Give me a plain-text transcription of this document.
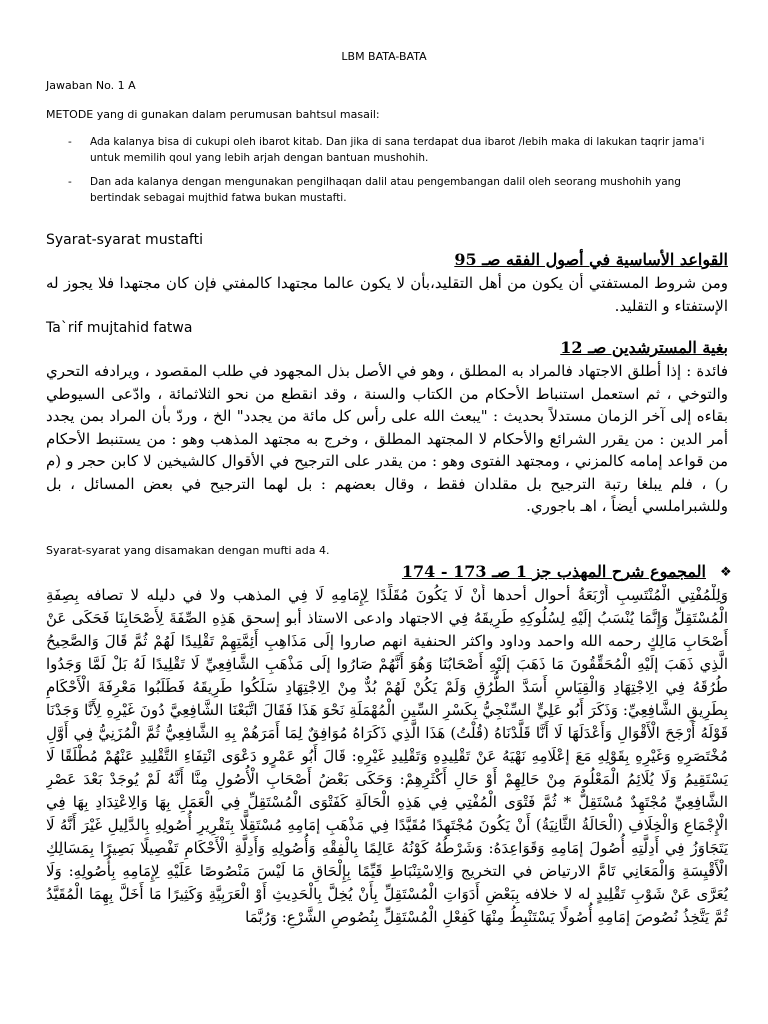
LBM BATA-BATA
Jawaban No. 1 A
METODE yang di gunakan dalam perumusan bahtsul masail:
- Ada kalanya bisa di cukupi oleh ibarot kitab. Dan jika di sana terdapat dua ibarot /lebih maka di lakukan taqrir jama'i untuk memilih qoul yang lebih arjah dengan bantuan mushohih.
- Dan ada kalanya dengan mengunakan pengilhaqan dalil atau pengembangan dalil oleh seorang mushohih yang bertindak sebagai mujthid fatwa bukan mustafti.
Syarat-syarat mustafti
القواعد الأساسية في أصول الفقه صـ 95
ومن شروط المستفتي أن يكون من أهل التقليد،بأن لا يكون عالما مجتهدا كالمفتي فإن كان مجتهدا فلا يجوز له الإستفتاء و التقليد.
Ta`rif mujtahid fatwa
بغية المسترشدين صـ 12
فائدة : إذا أطلق الاجتهاد فالمراد به المطلق ، وهو في الأصل بذل المجهود في طلب المقصود ، ويرادفه التحري والتوخي ، ثم استعمل استنباط الأحكام من الكتاب والسنة ، وقد انقطع من نحو الثلاثمائة ، وادّعى السيوطي بقاءه إلى آخر الزمان مستدلاً بحديث : "يبعث الله على رأس كل مائة من يجدد" الخ ، وردّ بأن المراد بمن يجدد أمر الدين : من يقرر الشرائع والأحكام لا المجتهد المطلق ، وخرج به مجتهد المذهب وهو : من يستنبط الأحكام من قواعد إمامه كالمزني ، ومجتهد الفتوى وهو : من يقدر على الترجيح في الأقوال كالشيخين لا كابن حجر و (م ر) ، فلم يبلغا رتبة الترجيح بل مقلدان فقط ، وقال بعضهم : بل لهما الترجيح في بعض المسائل ، بل وللشبراملسي أيضاً ، اهـ باجوري.
Syarat-syarat yang disamakan dengan mufti ada 4.
❖
المجموع شرح المهذب جز 1 صـ 173 - 174
وَلِلْمُفْتِي الْمُنْتَسِبِ أَرْبَعَةُ أحوال أحدها أَنْ لَا يَكُونَ مُقَلِّدًا لِإِمَامِهِ لَا فِي المذهب ولا في دليله لا تصافه بِصِفَةِ الْمُسْتَقِلِّ وَإِنَّمَا يُنْسَبُ إلَيْهِ لِسُلُوكِهِ طَرِيقَهُ فِي الاجتهاد وادعى الاستاذ أبو إسحق هَذِهِ الصِّفَةَ لِأَصْحَابِنَا فَحَكَى عَنْ أَصْحَابِ مَالِكٍ رحمه الله واحمد وداود واكثر الحنفية انهم صاروا إلَى مَذَاهِبِ أَئِمَّتِهِمْ تَقْلِيدًا لَهُمْ ثُمَّ قَالَ وَالصَّحِيحُ الَّذِي ذَهَبَ إلَيْهِ الْمُحَقِّقُونَ مَا ذَهَبَ إلَيْهِ أَصْحَابُنَا وَهُوَ أَنَّهُمْ صَارُوا إلَى مَذْهَبِ الشَّافِعِيِّ لَا تَقْلِيدًا لَهُ بَلْ لَمَّا وَجَدُوا طُرُقَهُ فِي الِاجْتِهَادِ وَالْقِيَاسِ أَسَدَّ الطُّرُقِ وَلَمْ يَكُنْ لَهُمْ بُدٌّ مِنْ الِاجْتِهَادِ سَلَكُوا طَرِيقَهُ فَطَلَبُوا مَعْرِفَةَ الْأَحْكَامِ بِطَرِيقِ الشَّافِعِيِّ: وَذَكَرَ أَبُو عَلِيٍّ السِّنْجِيُّ بِكَسْرِ السِّينِ الْمُهْمَلَةِ نَحْوَ هَذَا فَقَالَ اتَّبَعْنَا الشَّافِعِيَّ دُونَ غَيْرِهِ لِأَنَّا وَجَدْنَا قَوْلَهُ أَرْجَحَ الْأَقْوَالِ وَأَعْدَلَهَا لَا أَنَّا قَلَّدْنَاهُ (قُلْتُ) هَذَا الَّذِي ذَكَرَاهُ مُوَافِقٌ لِمَا أَمَرَهُمْ بِهِ الشَّافِعِيُّ ثُمَّ الْمُزَنِيُّ فِي أَوَّلِ مُخْتَصَرِهِ وَغَيْرِهِ بِقَوْلِهِ مَعَ إعْلَامِهِ نَهْيَهُ عَنْ تَقْلِيدِهِ وَتَقْلِيدِ غَيْرِهِ: قَالَ أَبُو عَمْرٍو دَعْوَى انْتِفَاءِ التَّقْلِيدِ عَنْهُمْ مُطْلَقًا لَا يَسْتَقِيمُ وَلَا يُلَائِمُ الْمَعْلُومَ مِنْ حَالِهِمْ أَوْ حَالِ أَكْثَرِهِمْ: وَحَكَى بَعْضُ أَصْحَابِ الْأُصُولِ مِنَّا أَنَّهُ لَمْ يُوجَدْ بَعْدَ عَصْرِ الشَّافِعِيِّ مُجْتَهِدٌ مُسْتَقِلٌّ * ثُمَّ فَتْوَى الْمُفْتِي فِي هَذِهِ الْحَالَةِ كَفَتْوَى الْمُسْتَقِلِّ فِي الْعَمَلِ بِهَا وَالِاعْتِدَادِ بِهَا فِي الْإِجْمَاعِ وَالْخِلَافِ (الْحَالَةُ الثَّانِيَةُ) أَنْ يَكُونَ مُجْتَهِدًا مُقَيَّدًا فِي مَذْهَبِ إمَامِهِ مُسْتَقِلًّا بِتَقْرِيرِ أُصُولِهِ بِالدَّلِيلِ غَيْرَ أَنَّهُ لَا يَتَجَاوَزُ فِي أَدِلَّتِهِ أُصُولَ إمَامِهِ وَقَوَاعِدَهُ: وَشَرْطُهُ كَوْنُهُ عَالِمًا بِالْفِقْهِ وَأُصُولِهِ وَأَدِلَّةِ الْأَحْكَامِ تَفْصِيلًا بَصِيرًا بِمَسَالِكِ الْأَقْيِسَةِ وَالْمَعَانِي تَامَّ الارتياض في التخريج وَالِاسْتِنْبَاطِ قَيِّمًا بِإِلْحَاقِ مَا لَيْسَ مَنْصُوصًا عَلَيْهِ لِإِمَامِهِ بِأُصُولِهِ: وَلَا يُعَرَّى عَنْ شَوْبِ تَقْلِيدٍ له لا خلافه بِبَعْضِ أَدَوَاتِ الْمُسْتَقِلِّ بِأَنْ يُخِلَّ بِالْحَدِيثِ أَوْ الْعَرَبِيَّةِ وَكَثِيرًا مَا أَخَلَّ بِهِمَا الْمُقَيَّدُ ثُمَّ يَتَّخِذُ نُصُوصَ إمَامِهِ أُصُولًا يَسْتَنْبِطُ مِنْهَا كَفِعْلِ الْمُسْتَقِلِّ بِنُصُوصِ الشَّرْعِ: وَرُبَّمَا
